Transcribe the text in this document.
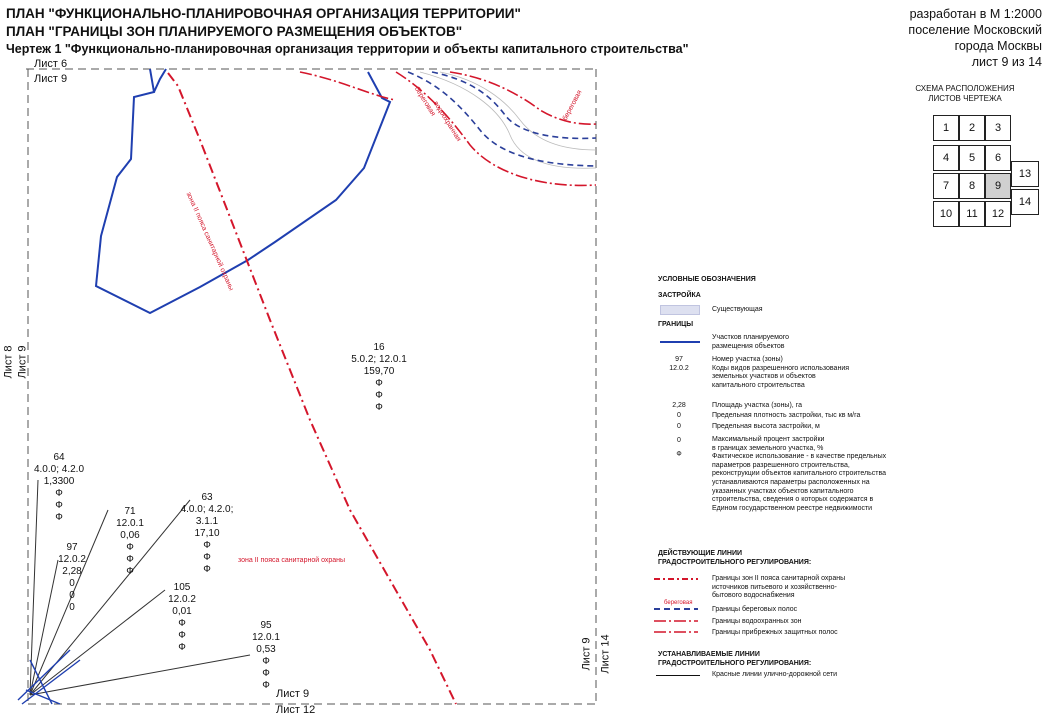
ПЛАН "ФУНКЦИОНАЛЬНО-ПЛАНИРОВОЧНАЯ ОРГАНИЗАЦИЯ ТЕРРИТОРИИ"
ПЛАН "ГРАНИЦЫ ЗОН ПЛАНИРУЕМОГО РАЗМЕЩЕНИЯ ОБЪЕКТОВ"
Чертеж 1 "Функционально-планировочная организация территории и объекты капитального строительства"
разработан в М 1:2000
поселение Московский
города Москвы
лист 9 из 14
СХЕМА РАСПОЛОЖЕНИЯ
ЛИСТОВ ЧЕРТЕЖА
1	2	3
4	5	6
7	8	9
10	11	12
13
14
Лист 6
Лист 9
Лист 8 Лист 9
Лист 9 Лист 14
Лист 9
Лист 12
зона II пояса санитарной охраны
зона II пояса санитарной охраны
береговая
водоохранная	береговая
16
5.0.2; 12.0.1
159,70
Ф
Ф
Ф
64
4.0.0; 4.2.0
1,3300
Ф
Ф
Ф
71
12.0.1
0,06
Ф
Ф
Ф
63
4.0.0; 4.2.0;
3.1.1
17,10
Ф
Ф
Ф
97
12.0.2
2,28
0
0
0
105
12.0.2
0,01
Ф
Ф
Ф
95
12.0.1
0,53
Ф
Ф
Ф
УСЛОВНЫЕ ОБОЗНАЧЕНИЯ
ЗАСТРОЙКА
Существующая
ГРАНИЦЫ
Участков планируемого
размещения объектов
97
12.0.2
Номер участка (зоны)
Коды видов разрешенного использования
земельных участков и объектов
капитального строительства
2,28
0
0
Площадь участка (зоны), га
Предельная плотность застройки, тыс кв м/га
Предельная высота застройки, м
0
Ф
Максимальный процент застройки
в границах земельного участка, %
Фактическое использование - в качестве предельных
параметров разрешенного строительства,
реконструкции объектов капитального строительства
устанавливаются параметры расположенных на
указанных участках объектов капитального
строительства, сведения о которых содержатся в
Едином государственном реестре недвижимости
ДЕЙСТВУЮЩИЕ ЛИНИИ
ГРАДОСТРОИТЕЛЬНОГО РЕГУЛИРОВАНИЯ:
Границы зон II пояса санитарной охраны
источников питьевого и хозяйственно-
бытового водоснабжения
береговая
Границы береговых полос
Границы водоохранных зон
Границы прибрежных защитных полос
УСТАНАВЛИВАЕМЫЕ ЛИНИИ
ГРАДОСТРОИТЕЛЬНОГО РЕГУЛИРОВАНИЯ:
Красные линии улично-дорожной сети
